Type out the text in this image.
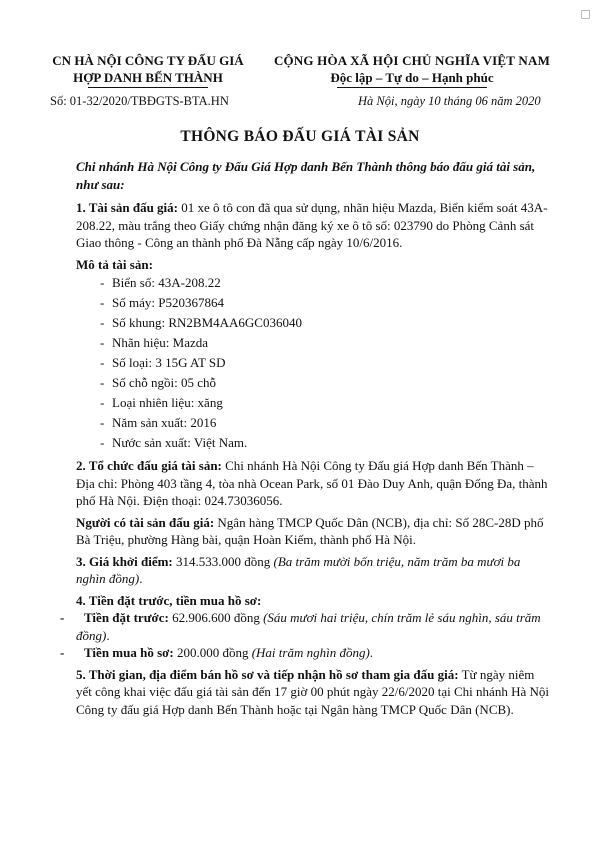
CN HÀ NỘI CÔNG TY ĐẤU GIÁ
HỢP DANH BẾN THÀNH
CỘNG HÒA XÃ HỘI CHỦ NGHĨA VIỆT NAM
Độc lập – Tự do – Hạnh phúc
Số: 01-32/2020/TBĐGTS-BTA.HN	Hà Nội, ngày 10 tháng 06 năm 2020
THÔNG BÁO ĐẤU GIÁ TÀI SẢN

Chi nhánh Hà Nội Công ty Đấu Giá Hợp danh Bến Thành thông báo đấu giá tài sản, như sau:

1. Tài sản đấu giá: 01 xe ô tô con đã qua sử dụng, nhãn hiệu Mazda, Biển kiểm soát 43A-208.22, màu trắng theo Giấy chứng nhận đăng ký xe ô tô số: 023790 do Phòng Cảnh sát Giao thông - Công an thành phố Đà Nẵng cấp ngày 10/6/2016.

Mô tả tài sản:

- Biển số: 43A-208.22
- Số máy: P520367864
- Số khung: RN2BM4AA6GC036040
- Nhãn hiệu: Mazda
- Số loại: 3 15G AT SD
- Số chỗ ngồi: 05 chỗ
- Loại nhiên liệu: xăng
- Năm sản xuất: 2016
- Nước sản xuất: Việt Nam.

2. Tổ chức đấu giá tài sản: Chi nhánh Hà Nội Công ty Đấu giá Hợp danh Bến Thành – Địa chỉ: Phòng 403 tầng 4, tòa nhà Ocean Park, số 01 Đào Duy Anh, quận Đống Đa, thành phố Hà Nội. Điện thoại: 024.73036056.

Người có tài sản đấu giá: Ngân hàng TMCP Quốc Dân (NCB), địa chỉ: Số 28C-28D phố Bà Triệu, phường Hàng bài, quận Hoàn Kiếm, thành phố Hà Nội.

3. Giá khởi điểm: 314.533.000 đồng (Ba trăm mười bốn triệu, năm trăm ba mươi ba nghìn đồng).

4. Tiền đặt trước, tiền mua hồ sơ:

- Tiền đặt trước: 62.906.600 đồng (Sáu mươi hai triệu, chín trăm lẻ sáu nghìn, sáu trăm đồng).

- Tiền mua hồ sơ: 200.000 đồng (Hai trăm nghìn đồng).

5. Thời gian, địa điểm bán hồ sơ và tiếp nhận hồ sơ tham gia đấu giá: Từ ngày niêm yết công khai việc đấu giá tài sản đến 17 giờ 00 phút ngày 22/6/2020 tại Chi nhánh Hà Nội Công ty đấu giá Hợp danh Bến Thành hoặc tại Ngân hàng TMCP Quốc Dân (NCB).
